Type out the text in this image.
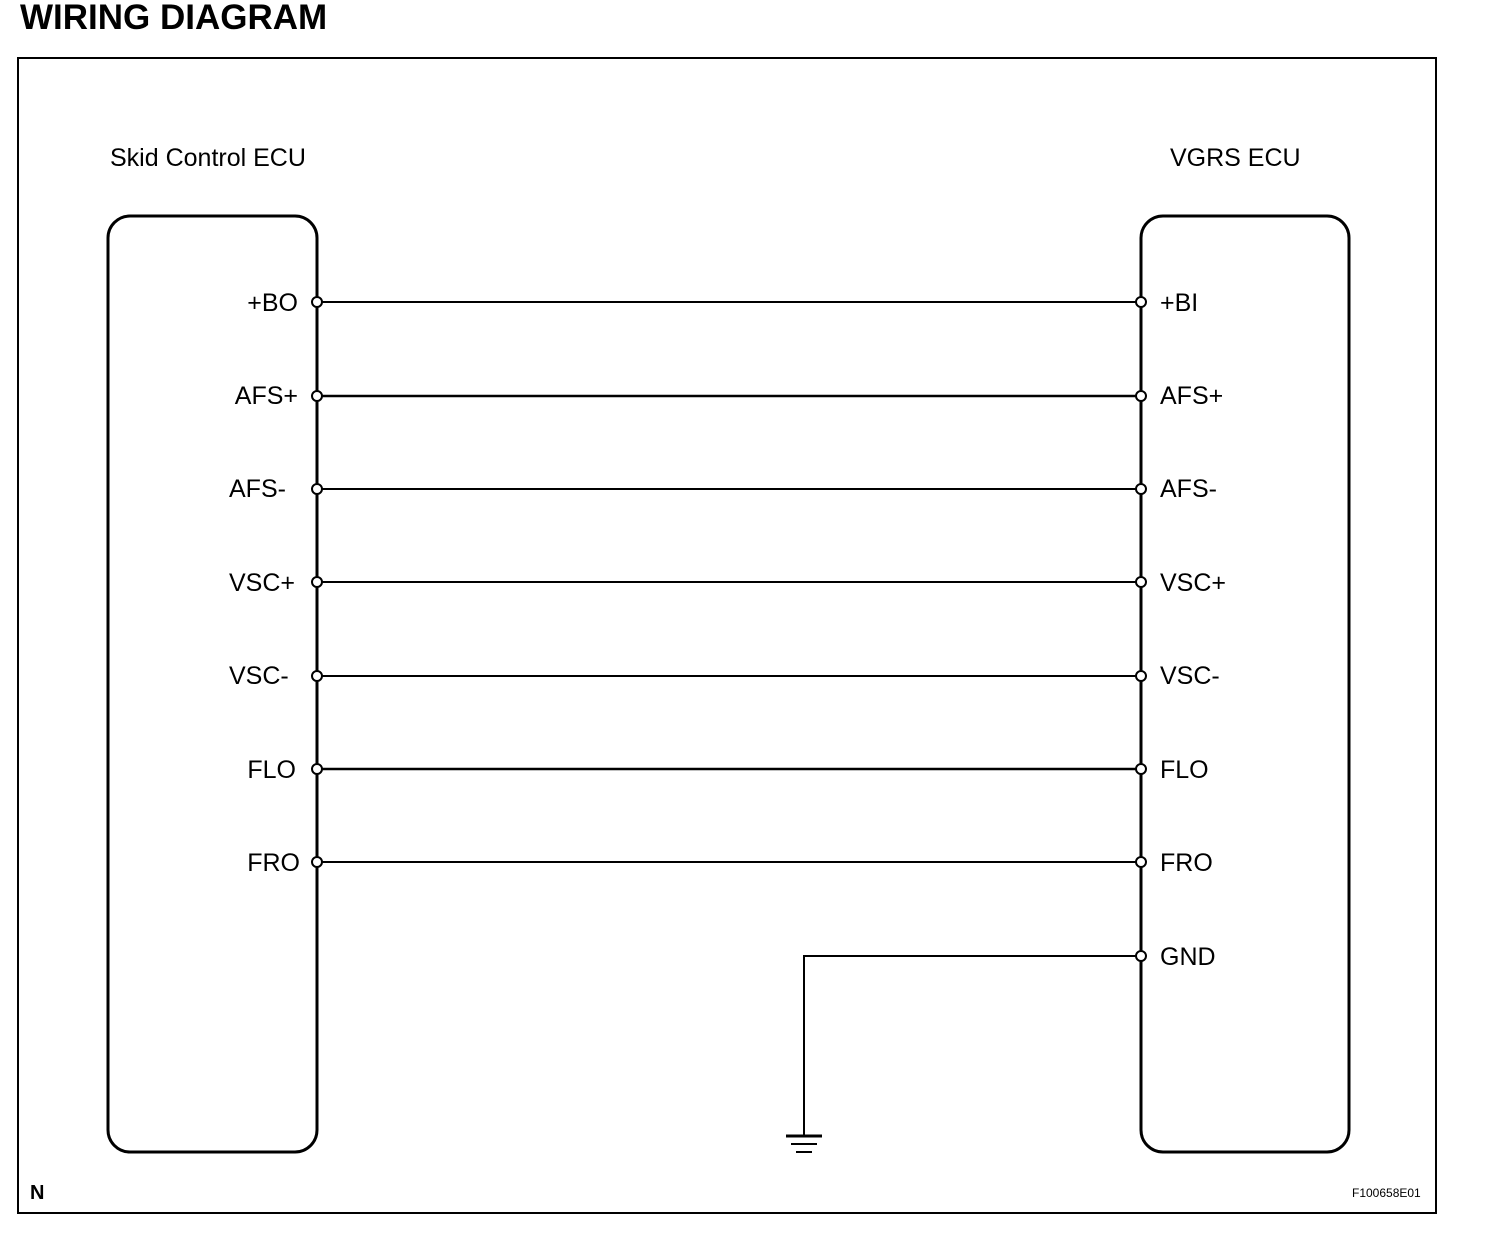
WIRING DIAGRAM
Skid Control ECU	VGRS ECU
+BO
AFS+
AFS-
VSC+
VSC-
FLO
FRO
+BI
AFS+
AFS-
VSC+
VSC-
FLO
FRO
GND
N	F100658E01
